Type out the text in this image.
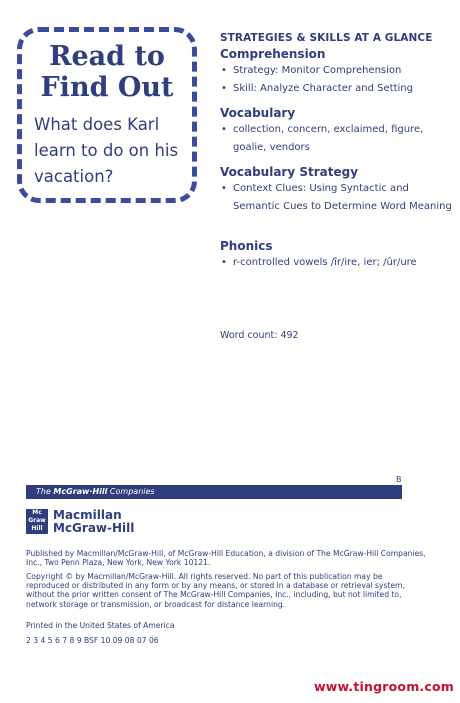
Read to
Find Out
What does Karl learn to do on his vacation?
STRATEGIES & SKILLS AT A GLANCE
Comprehension
• Strategy: Monitor Comprehension
• Skill: Analyze Character and Setting
Vocabulary
• collection, concern, exclaimed, figure, goalie, vendors
Vocabulary Strategy
• Context Clues: Using Syntactic and Semantic Cues to Determine Word Meaning
Phonics
• r-controlled vowels /îr/ire, ier; /ûr/ure
Word count: 492
B
The McGraw·Hill Companies
Mc
Graw
Hill
Macmillan
McGraw-Hill
Published by Macmillan/McGraw-Hill, of McGraw-Hill Education, a division of The McGraw-Hill Companies, Inc., Two Penn Plaza, New York, New York 10121.
Copyright © by Macmillan/McGraw-Hill. All rights reserved. No part of this publication may be reproduced or distributed in any form or by any means, or stored in a database or retrieval system, without the prior written consent of The McGraw-Hill Companies, Inc., including, but not limited to, network storage or transmission, or broadcast for distance learning.
Printed in the United States of America
2 3 4 5 6 7 8 9 BSF 10 09 08 07 06
www.tingroom.com
